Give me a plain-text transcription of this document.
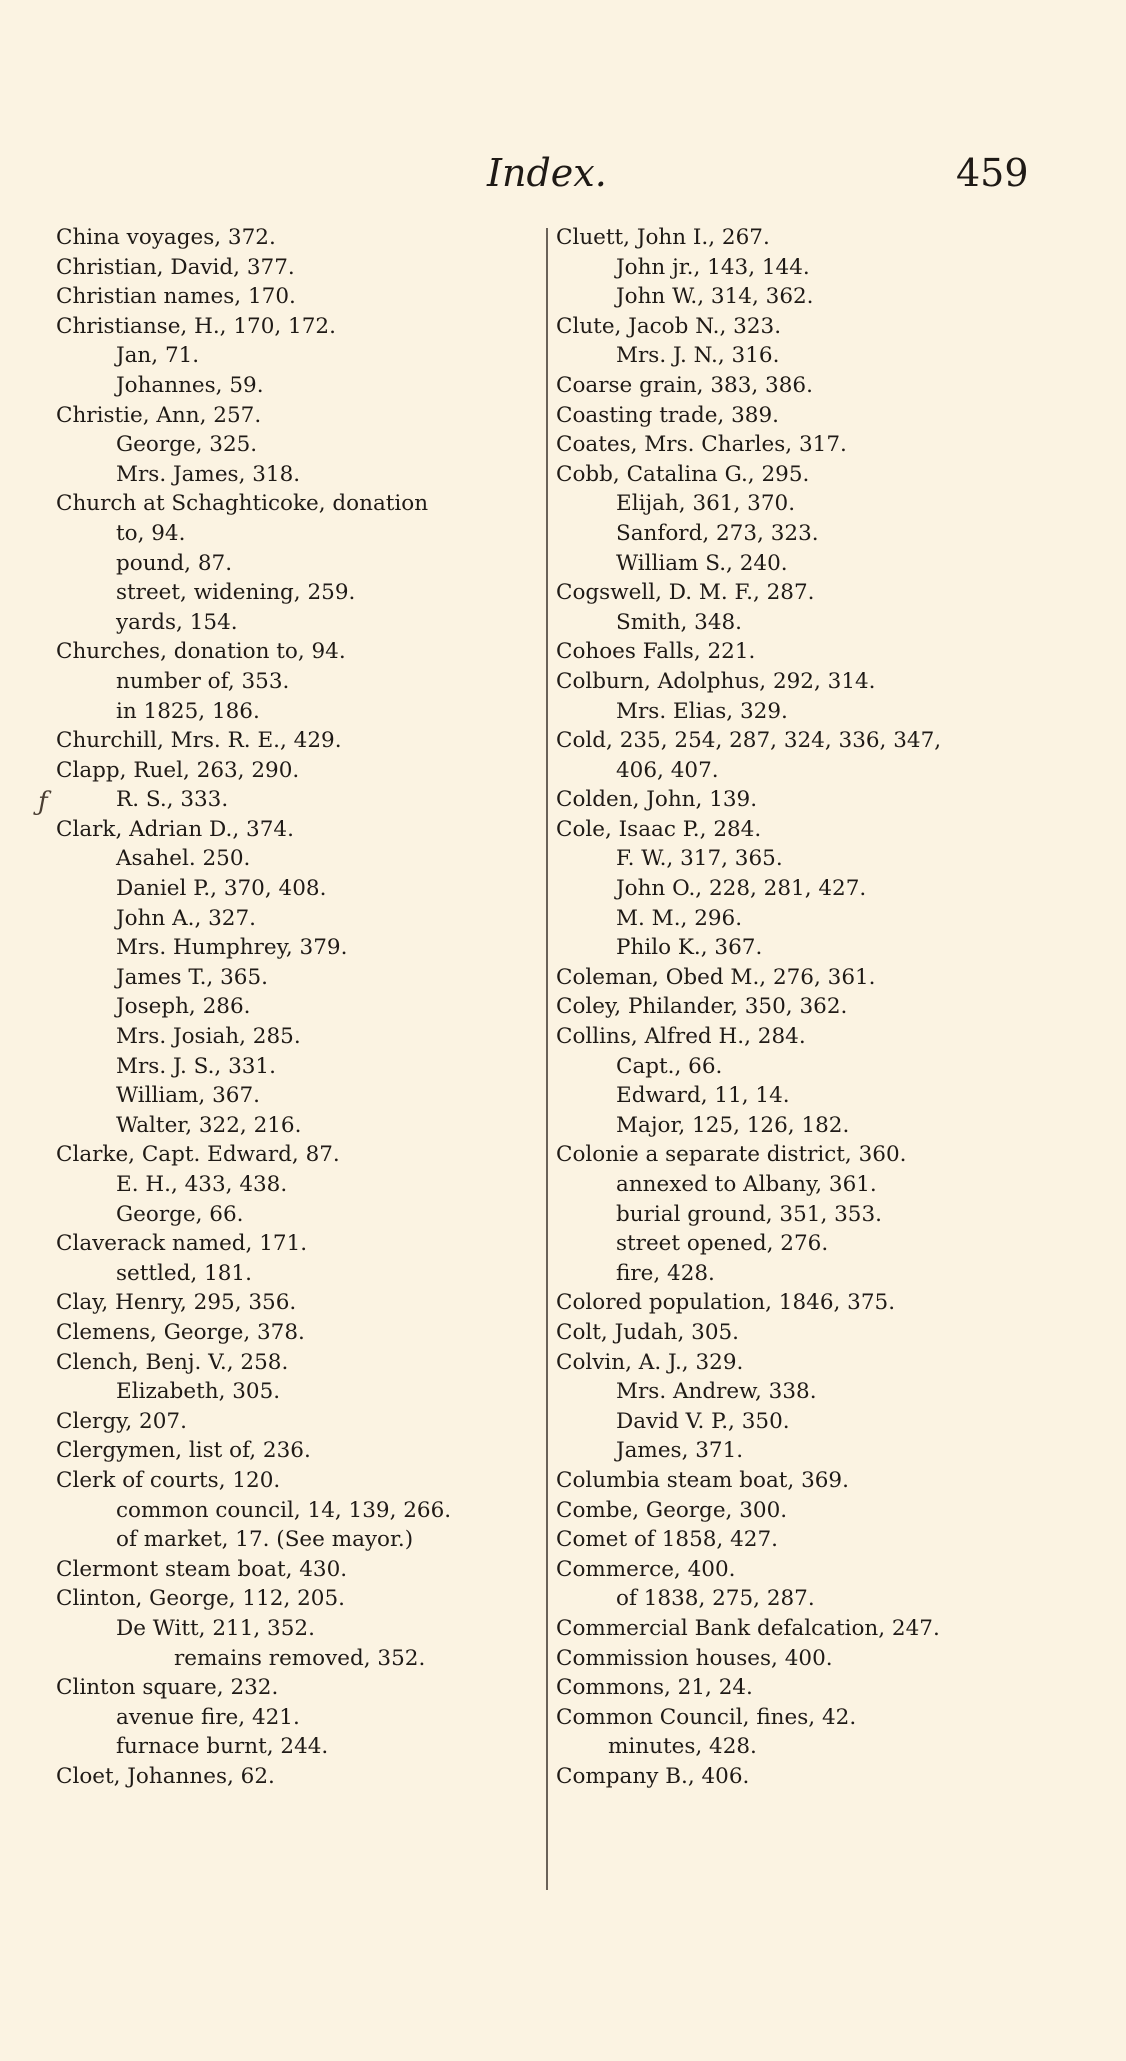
Index.	459
ƒ
China voyages, 372.
Christian, David, 377.
Christian names, 170.
Christianse, H., 170, 172.
Jan, 71.
Johannes, 59.
Christie, Ann, 257.
George, 325.
Mrs. James, 318.
Church at Schaghticoke, donation
to, 94.
pound, 87.
street, widening, 259.
yards, 154.
Churches, donation to, 94.
number of, 353.
in 1825, 186.
Churchill, Mrs. R. E., 429.
Clapp, Ruel, 263, 290.
R. S., 333.
Clark, Adrian D., 374.
Asahel. 250.
Daniel P., 370, 408.
John A., 327.
Mrs. Humphrey, 379.
James T., 365.
Joseph, 286.
Mrs. Josiah, 285.
Mrs. J. S., 331.
William, 367.
Walter, 322, 216.
Clarke, Capt. Edward, 87.
E. H., 433, 438.
George, 66.
Claverack named, 171.
settled, 181.
Clay, Henry, 295, 356.
Clemens, George, 378.
Clench, Benj. V., 258.
Elizabeth, 305.
Clergy, 207.
Clergymen, list of, 236.
Clerk of courts, 120.
common council, 14, 139, 266.
of market, 17. (See mayor.)
Clermont steam boat, 430.
Clinton, George, 112, 205.
De Witt, 211, 352.
remains removed, 352.
Clinton square, 232.
avenue fire, 421.
furnace burnt, 244.
Cloet, Johannes, 62.
Cluett, John I., 267.
John jr., 143, 144.
John W., 314, 362.
Clute, Jacob N., 323.
Mrs. J. N., 316.
Coarse grain, 383, 386.
Coasting trade, 389.
Coates, Mrs. Charles, 317.
Cobb, Catalina G., 295.
Elijah, 361, 370.
Sanford, 273, 323.
William S., 240.
Cogswell, D. M. F., 287.
Smith, 348.
Cohoes Falls, 221.
Colburn, Adolphus, 292, 314.
Mrs. Elias, 329.
Cold, 235, 254, 287, 324, 336, 347,
406, 407.
Colden, John, 139.
Cole, Isaac P., 284.
F. W., 317, 365.
John O., 228, 281, 427.
M. M., 296.
Philo K., 367.
Coleman, Obed M., 276, 361.
Coley, Philander, 350, 362.
Collins, Alfred H., 284.
Capt., 66.
Edward, 11, 14.
Major, 125, 126, 182.
Colonie a separate district, 360.
annexed to Albany, 361.
burial ground, 351, 353.
street opened, 276.
fire, 428.
Colored population, 1846, 375.
Colt, Judah, 305.
Colvin, A. J., 329.
Mrs. Andrew, 338.
David V. P., 350.
James, 371.
Columbia steam boat, 369.
Combe, George, 300.
Comet of 1858, 427.
Commerce, 400.
of 1838, 275, 287.
Commercial Bank defalcation, 247.
Commission houses, 400.
Commons, 21, 24.
Common Council, fines, 42.
minutes, 428.
Company B., 406.
